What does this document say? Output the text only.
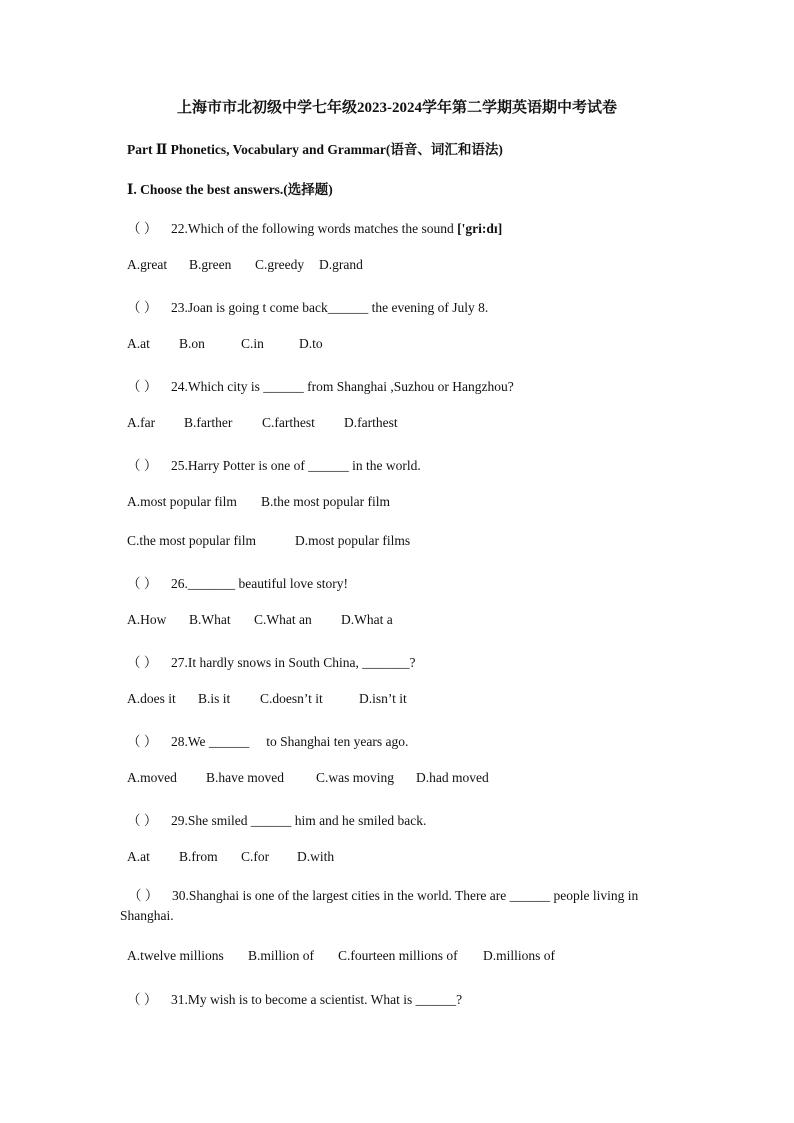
上海市市北初级中学七年级2023-2024学年第二学期英语期中考试卷
Part Ⅱ Phonetics, Vocabulary and Grammar(语音、词汇和语法)
Ⅰ. Choose the best answers.(选择题)
（ ） 22.Which of the following words matches the sound ['gri:dɪ]
A.great B.green C.greedy D.grand
（ ） 23.Joan is going t come back______ the evening of July 8.
A.at B.on	C.in	D.to
（ ） 24.Which city is ______ from Shanghai ,Suzhou or Hangzhou?
A.far B.farther C.farthest D.farthest
（ ） 25.Harry Potter is one of ______ in the world.
A.most popular film B.the most popular film
C.the most popular film	D.most popular films
（ ） 26._______ beautiful love story!
A.How B.What C.What an D.What a
（ ） 27.It hardly snows in South China, _______?
A.does it B.is it C.doesn’t it	D.isn’t it
（ ） 28.We ______     to Shanghai ten years ago.
A.moved B.have moved C.was moving D.had moved
（ ） 29.She smiled ______ him and he smiled back.
A.at B.from C.for D.with
（ ） 30.Shanghai is one of the largest cities in the world. There are ______ people living in Shanghai.
A.twelve millions B.million of C.fourteen millions of D.millions of
（ ） 31.My wish is to become a scientist. What is ______?
